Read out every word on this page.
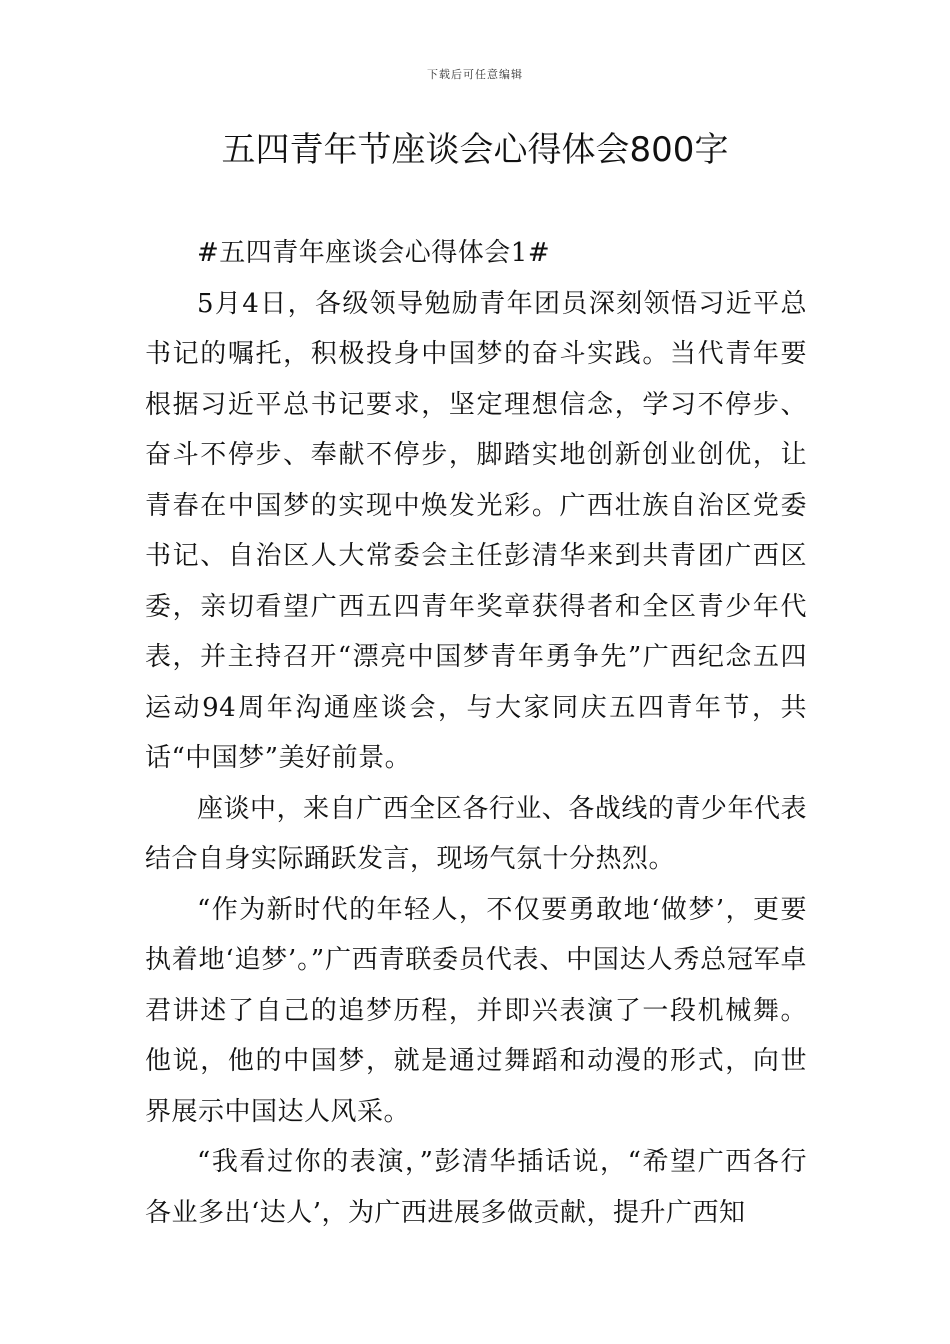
下载后可任意编辑
五四青年节座谈会心得体会800字

#五四青年座谈会心得体会1#

5月4日，各级领导勉励青年团员深刻领悟习近平总书记的嘱托，积极投身中国梦的奋斗实践。当代青年要根据习近平总书记要求，坚定理想信念，学习不停步、奋斗不停步、奉献不停步，脚踏实地创新创业创优，让青春在中国梦的实现中焕发光彩。广西壮族自治区党委书记、自治区人大常委会主任彭清华来到共青团广西区委，亲切看望广西五四青年奖章获得者和全区青少年代表，并主持召开“漂亮中国梦青年勇争先”广西纪念五四运动94周年沟通座谈会，与大家同庆五四青年节，共话“中国梦”美好前景。

座谈中，来自广西全区各行业、各战线的青少年代表结合自身实际踊跃发言，现场气氛十分热烈。

“作为新时代的年轻人，不仅要勇敢地‘做梦’，更要执着地‘追梦’。”广西青联委员代表、中国达人秀总冠军卓君讲述了自己的追梦历程，并即兴表演了一段机械舞。他说，他的中国梦，就是通过舞蹈和动漫的形式，向世界展示中国达人风采。

“我看过你的表演，”彭清华插话说，“希望广西各行各业多出‘达人’，为广西进展多做贡献，提升广西知
